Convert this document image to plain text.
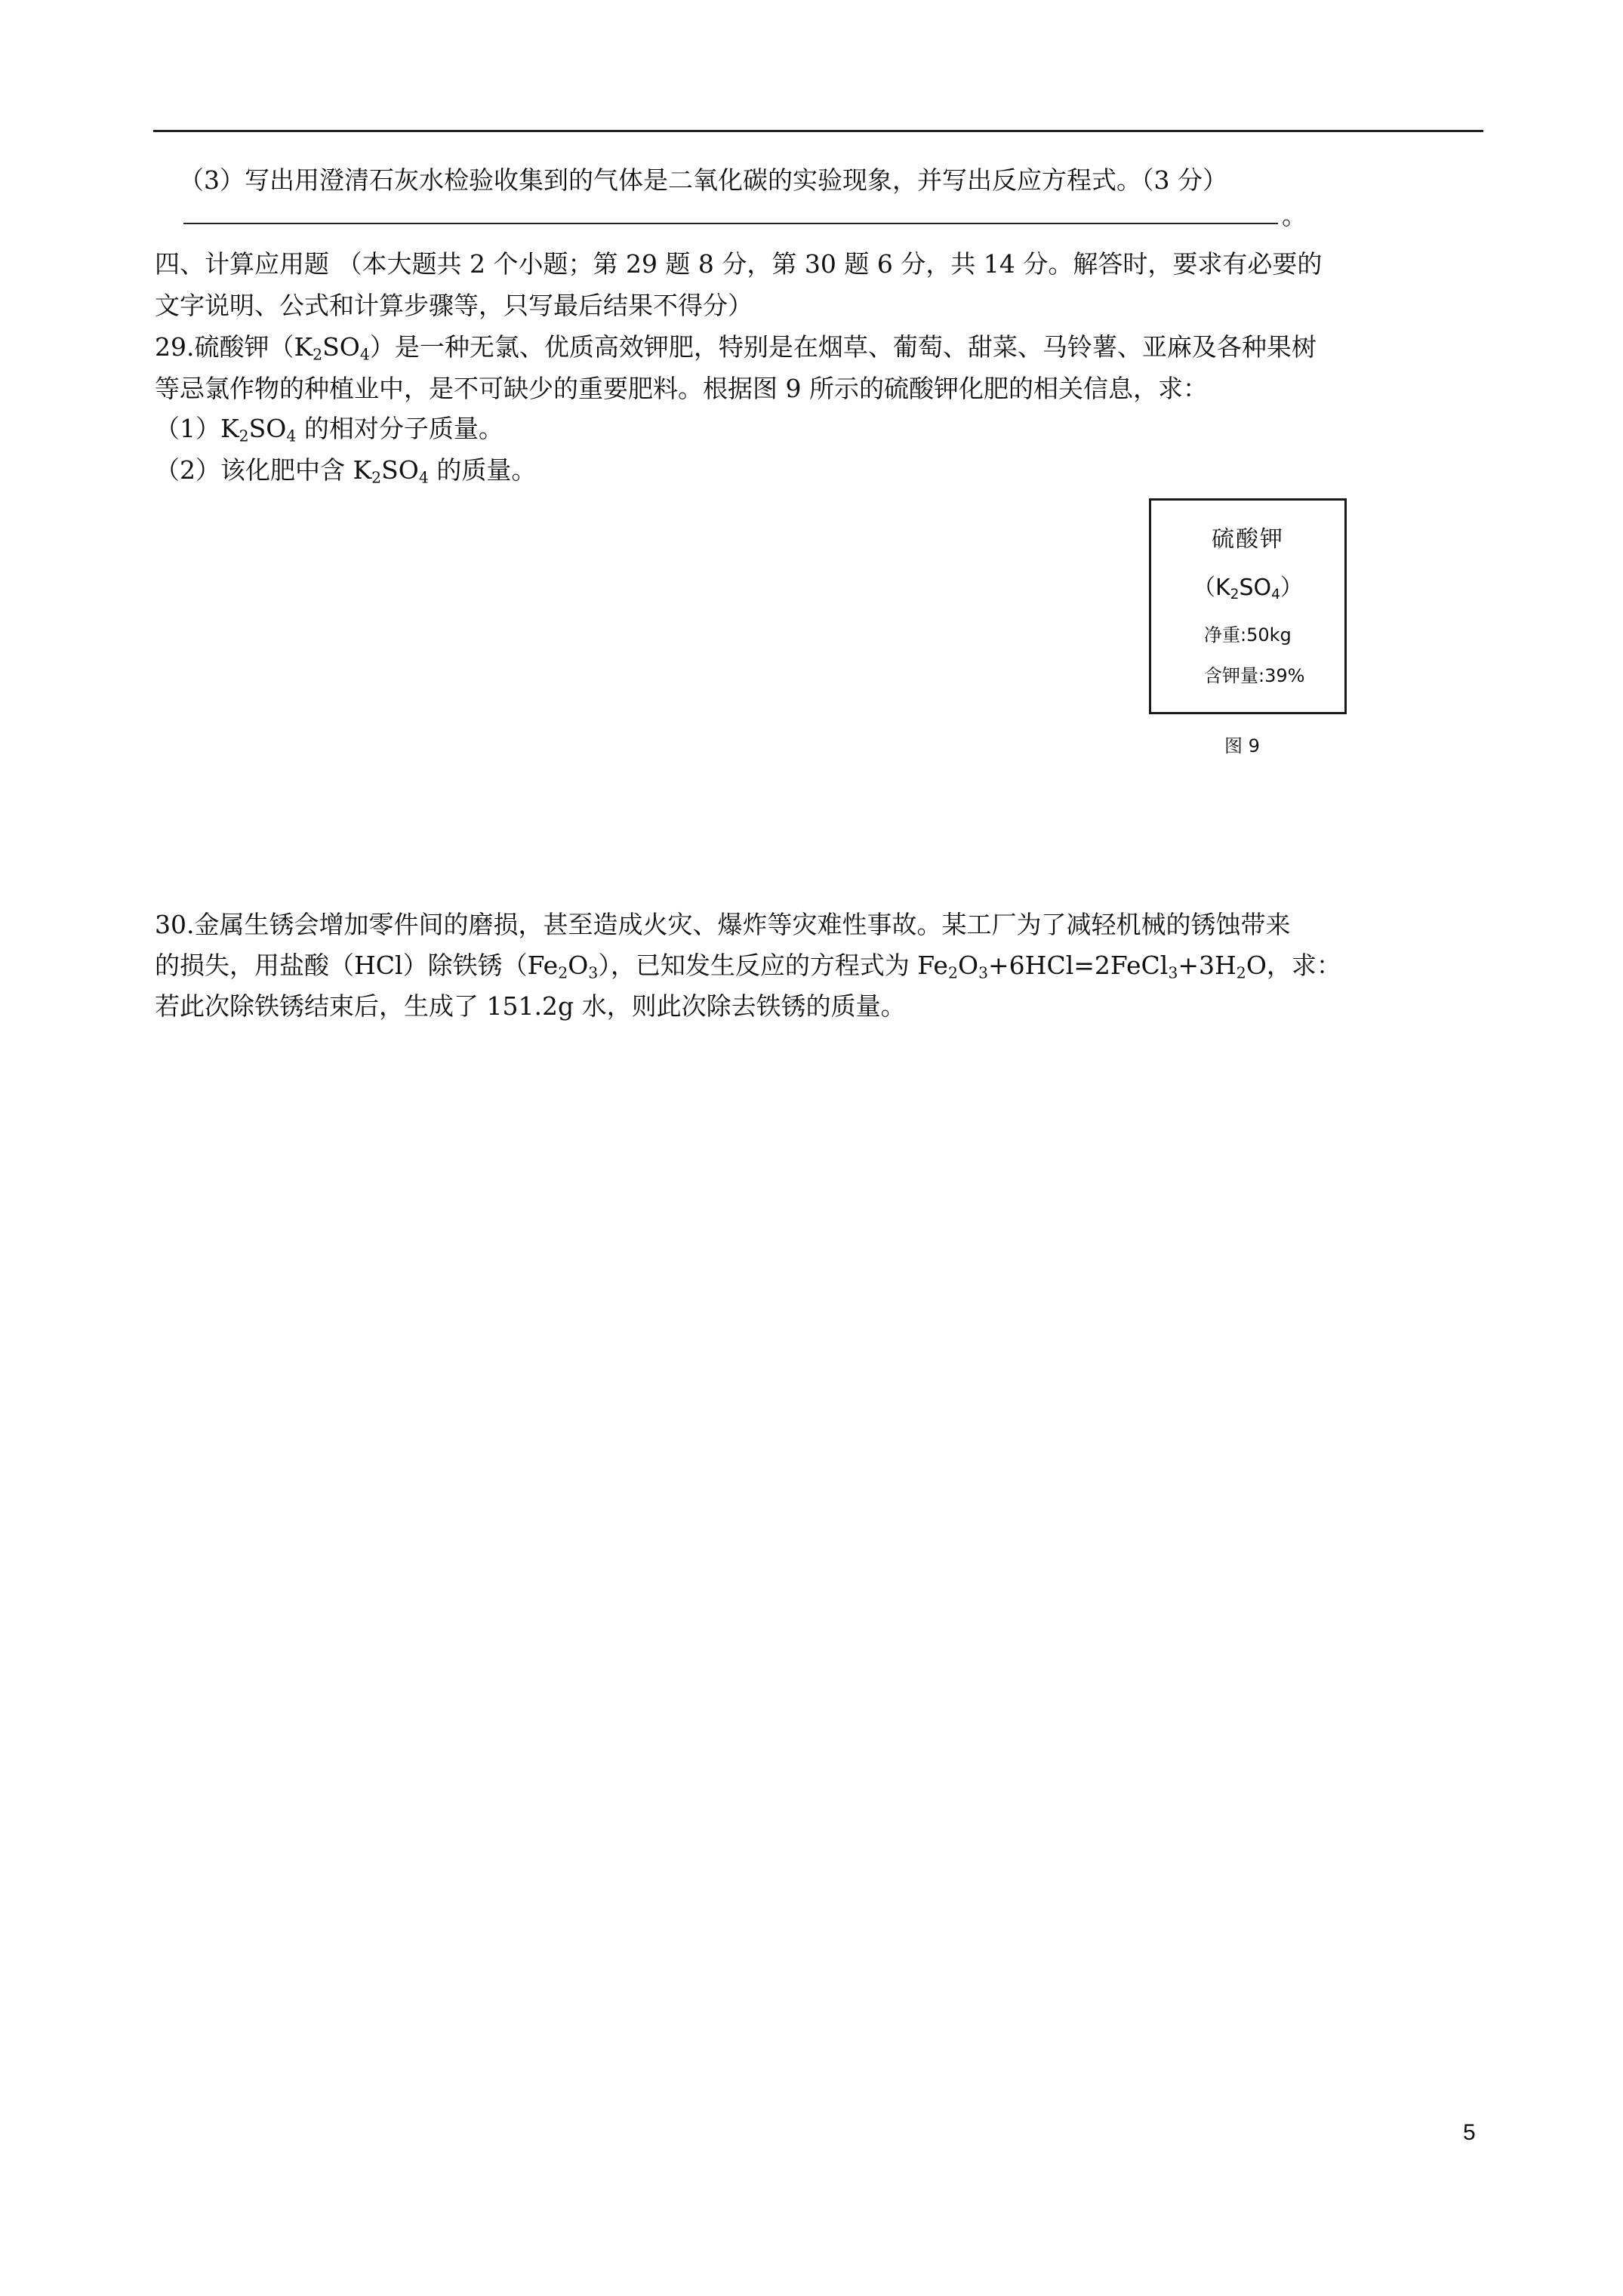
（3）写出用澄清石灰水检验收集到的气体是二氧化碳的实验现象，并写出反应方程式。（3 分）
。
四、计算应用题 （本大题共 2 个小题；第 29 题 8 分，第 30 题 6 分，共 14 分。解答时，要求有必要的
文字说明、公式和计算步骤等，只写最后结果不得分）
29.硫酸钾$(K_2SO_4)$是一种无氯、优质高效钾肥，特别是在烟草、葡萄、甜菜、马铃薯、亚麻及各种果树
等忌氯作物的种植业中，是不可缺少的重要肥料。根据图 9 所示的硫酸钾化肥的相关信息，求：
$(1)K_2SO_4$ 的相对分子质量。
（2）该化肥中含 $K_2SO_4$ 的质量。
硫酸钾
$(K_2SO_4)$
净重:50kg
含钾量:39%
图 9
30.金属生锈会增加零件间的磨损，甚至造成火灾、爆炸等灾难性事故。某工厂为了减轻机械的锈蚀带来
的损失，用盐酸（HCl）除铁锈$(Fe_2O_3)$，已知发生反应的方程式为 $Fe_2O_3+6HCl=2FeCl_3+3H_2O$，求：
若此次除铁锈结束后，生成了 151.2g 水，则此次除去铁锈的质量。
5
